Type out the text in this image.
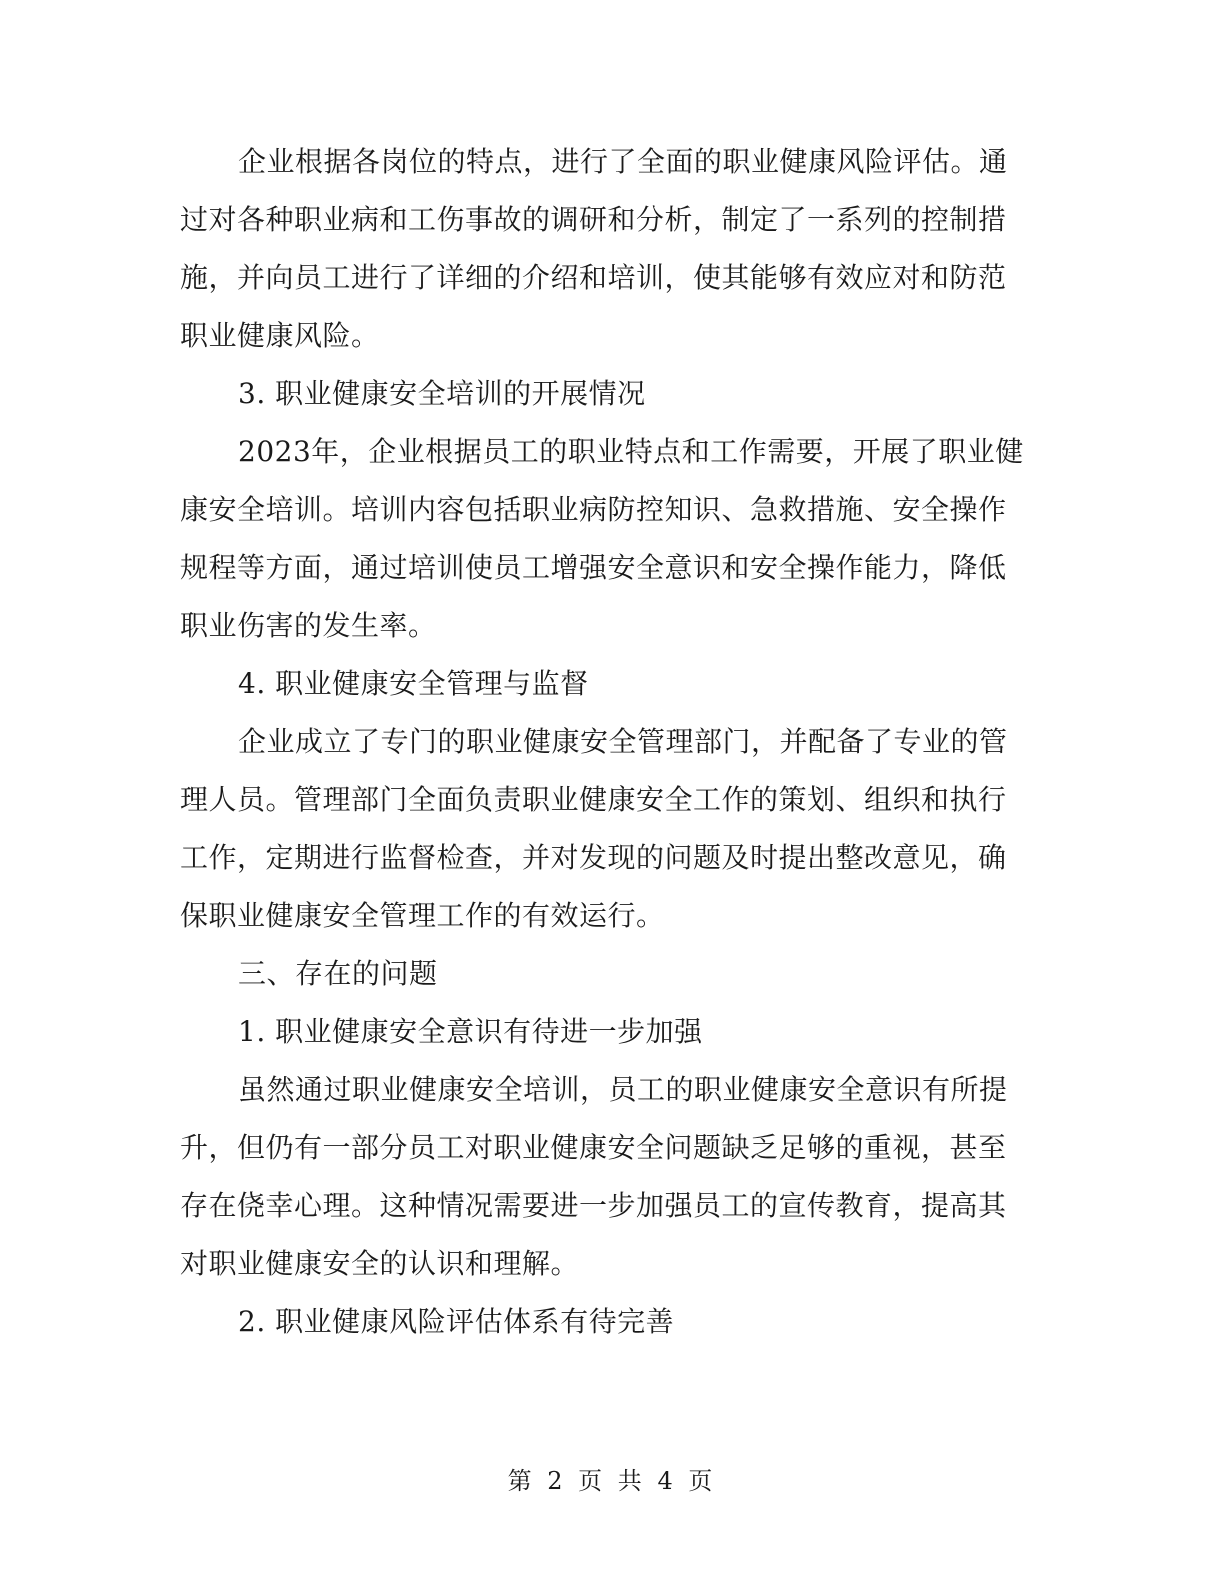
企业根据各岗位的特点，进行了全面的职业健康风险评估。通过对各种职业病和工伤事故的调研和分析，制定了一系列的控制措施，并向员工进行了详细的介绍和培训，使其能够有效应对和防范职业健康风险。

3. 职业健康安全培训的开展情况

2023年，企业根据员工的职业特点和工作需要，开展了职业健康安全培训。培训内容包括职业病防控知识、急救措施、安全操作规程等方面，通过培训使员工增强安全意识和安全操作能力，降低职业伤害的发生率。

4. 职业健康安全管理与监督

企业成立了专门的职业健康安全管理部门，并配备了专业的管理人员。管理部门全面负责职业健康安全工作的策划、组织和执行工作，定期进行监督检查，并对发现的问题及时提出整改意见，确保职业健康安全管理工作的有效运行。

三、存在的问题

1. 职业健康安全意识有待进一步加强

虽然通过职业健康安全培训，员工的职业健康安全意识有所提升，但仍有一部分员工对职业健康安全问题缺乏足够的重视，甚至存在侥幸心理。这种情况需要进一步加强员工的宣传教育，提高其对职业健康安全的认识和理解。

2. 职业健康风险评估体系有待完善

第 2 页 共 4 页
